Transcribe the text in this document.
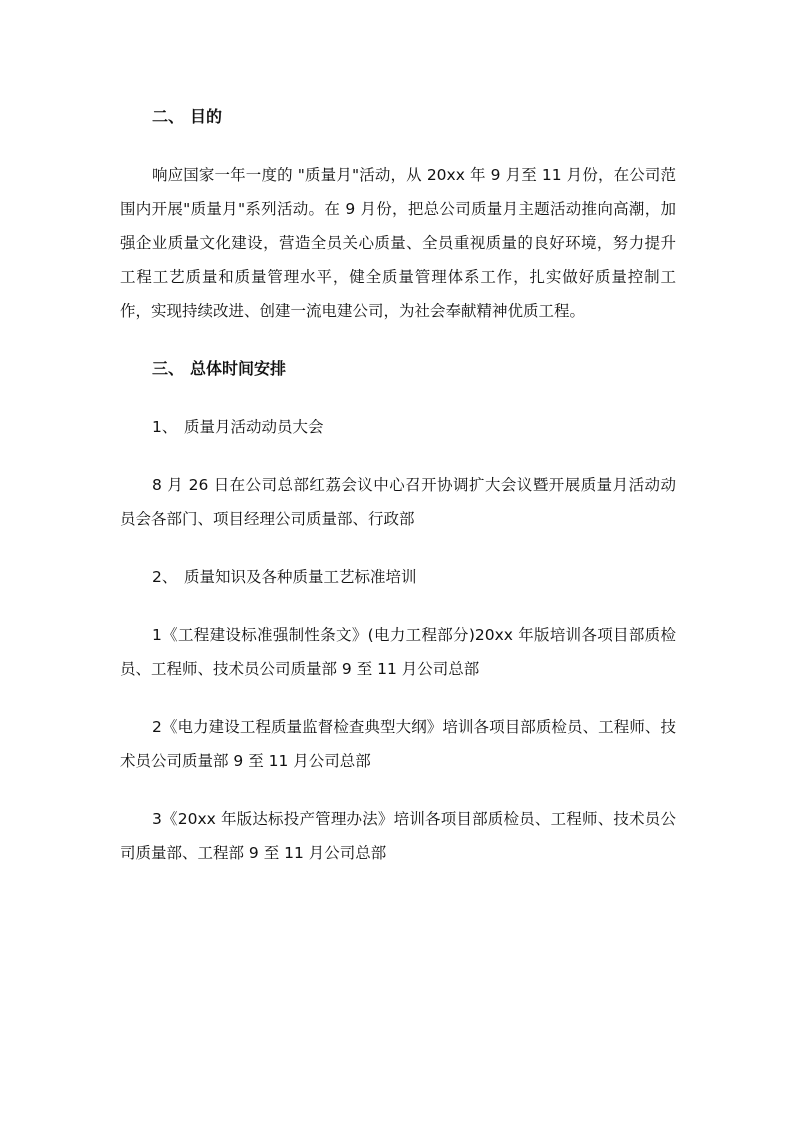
二、 目的

响应国家一年一度的 "质量月"活动，从 20xx 年 9 月至 11 月份，在公司范围内开展"质量月"系列活动。在 9 月份，把总公司质量月主题活动推向高潮，加强企业质量文化建设，营造全员关心质量、全员重视质量的良好环境，努力提升工程工艺质量和质量管理水平，健全质量管理体系工作，扎实做好质量控制工作，实现持续改进、创建一流电建公司，为社会奉献精神优质工程。

三、 总体时间安排

1、 质量月活动动员大会

8 月 26 日在公司总部红荔会议中心召开协调扩大会议暨开展质量月活动动员会各部门、项目经理公司质量部、行政部

2、 质量知识及各种质量工艺标准培训

1《工程建设标准强制性条文》(电力工程部分)20xx 年版培训各项目部质检员、工程师、技术员公司质量部 9 至 11 月公司总部

2《电力建设工程质量监督检查典型大纲》培训各项目部质检员、工程师、技术员公司质量部 9 至 11 月公司总部

3《20xx 年版达标投产管理办法》培训各项目部质检员、工程师、技术员公司质量部、工程部 9 至 11 月公司总部
